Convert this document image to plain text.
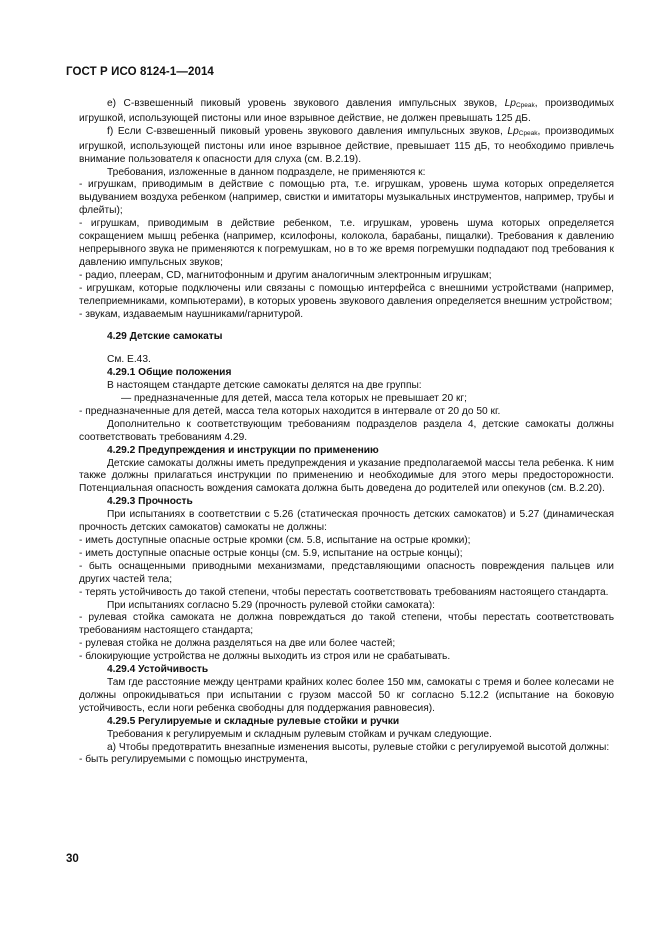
ГОСТ Р ИСО 8124-1—2014

е) С-взвешенный пиковый уровень звукового давления импульсных звуков, $Lp_{Cpeak}$, производимых игрушкой, использующей пистоны или иное взрывное действие, не должен превышать 125 дБ.

f) Если С-взвешенный пиковый уровень звукового давления импульсных звуков, $Lp_{Cpeak}$, производимых игрушкой, использующей пистоны или иное взрывное действие, превышает 115 дБ, то необходимо привлечь внимание пользователя к опасности для слуха (см. В.2.19).

Требования, изложенные в данном подразделе, не применяются к:

- игрушкам, приводимым в действие с помощью рта, т.е. игрушкам, уровень шума которых определяется выдуванием воздуха ребенком (например, свистки и имитаторы музыкальных инструментов, например, трубы и флейты);

- игрушкам, приводимым в действие ребенком, т.е. игрушкам, уровень шума которых определяется сокращением мышц ребенка (например, ксилофоны, колокола, барабаны, пищалки). Требования к давлению непрерывного звука не применяются к погремушкам, но в то же время погремушки подпадают под требования к давлению импульсных звуков;

- радио, плеерам, CD, магнитофонным и другим аналогичным электронным игрушкам;

- игрушкам, которые подключены или связаны с помощью интерфейса с внешними устройствами (например, телеприемниками, компьютерами), в которых уровень звукового давления определяется внешним устройством;

- звукам, издаваемым наушниками/гарнитурой.

4.29 Детские самокаты

См. Е.43.

4.29.1 Общие положения

В настоящем стандарте детские самокаты делятся на две группы:

— предназначенные для детей, масса тела которых не превышает 20 кг;

- предназначенные для детей, масса тела которых находится в интервале от 20 до 50 кг.

Дополнительно к соответствующим требованиям подразделов раздела 4, детские самокаты должны соответствовать требованиям 4.29.

4.29.2 Предупреждения и инструкции по применению

Детские самокаты должны иметь предупреждения и указание предполагаемой массы тела ребенка. К ним также должны прилагаться инструкции по применению и необходимые для этого меры предосторожности. Потенциальная опасность вождения самоката должна быть доведена до родителей или опекунов (см. В.2.20).

4.29.3 Прочность

При испытаниях в соответствии с 5.26 (статическая прочность детских самокатов) и 5.27 (динамическая прочность детских самокатов) самокаты не должны:

- иметь доступные опасные острые кромки (см. 5.8, испытание на острые кромки);

- иметь доступные опасные острые концы (см. 5.9, испытание на острые концы);

- быть оснащенными приводными механизмами, представляющими опасность повреждения пальцев или других частей тела;

- терять устойчивость до такой степени, чтобы перестать соответствовать требованиям настоящего стандарта.

При испытаниях согласно 5.29 (прочность рулевой стойки самоката):

- рулевая стойка самоката не должна повреждаться до такой степени, чтобы перестать соответствовать требованиям настоящего стандарта;

- рулевая стойка не должна разделяться на две или более частей;

- блокирующие устройства не должны выходить из строя или не срабатывать.

4.29.4 Устойчивость

Там где расстояние между центрами крайних колес более 150 мм, самокаты с тремя и более колесами не должны опрокидываться при испытании с грузом массой 50 кг согласно 5.12.2 (испытание на боковую устойчивость, если ноги ребенка свободны для поддержания равновесия).

4.29.5 Регулируемые и складные рулевые стойки и ручки

Требования к регулируемым и складным рулевым стойкам и ручкам следующие.

а) Чтобы предотвратить внезапные изменения высоты, рулевые стойки с регулируемой высотой должны:

- быть регулируемыми с помощью инструмента,

30
